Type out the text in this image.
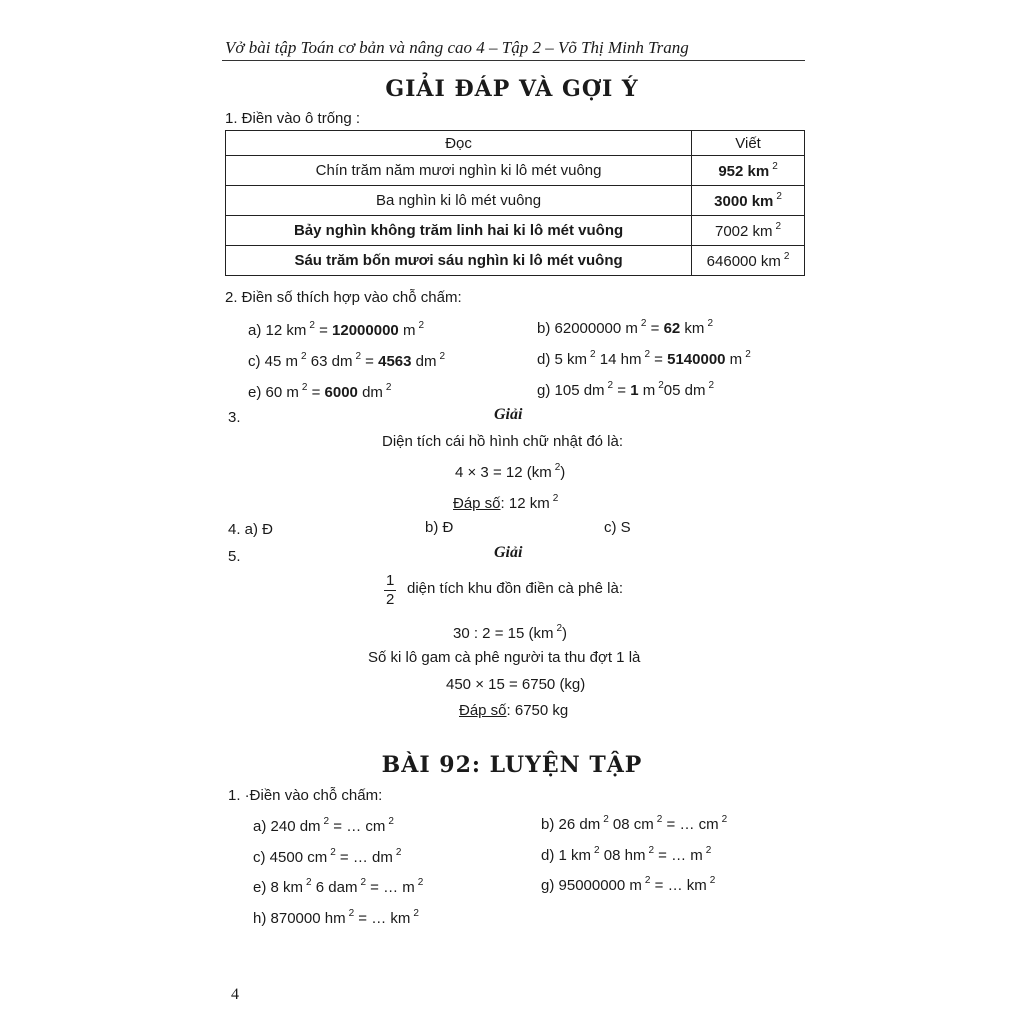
Vở bài tập Toán cơ bản và nâng cao 4 – Tập 2 – Võ Thị Minh Trang
GIẢI ĐÁP VÀ GỢI Ý
1. Điền vào ô trống :
Đọc	Viết
Chín trăm năm mươi nghìn ki lô mét vuông	952 km $^2$
Ba nghìn ki lô mét vuông	3000 km $^2$
Bảy nghìn không trăm linh hai ki lô mét vuông	7002 km $^2$
Sáu trăm bốn mươi sáu nghìn ki lô mét vuông	646000 km $^2$
2. Điền số thích hợp vào chỗ chấm:
a) 12 km $^2$ = 12000000 m $^2$	b) 62000000 m $^2$ = 62 km $^2$
c) 45 m $^2$ 63 dm $^2$ = 4563 dm $^2$	d) 5 km $^2$ 14 hm $^2$ = 5140000 m $^2$
e) 60 m $^2$ = 6000 dm $^2$	g) 105 dm $^2$ = 1 m $^2$05 dm $^2$
3.	Giải
Diện tích cái hồ hình chữ nhật đó là:
4 × 3 = 12 (km $^2$)
Đáp số: 12 km $^2$
4. a) Đ	b) Đ	c) S
5.	Giải
$\frac{1}{2}$ diện tích khu đồn điền cà phê là:
30 : 2 = 15 (km $^2$)
Số ki lô gam cà phê người ta thu đợt 1 là
450 × 15 = 6750 (kg)
Đáp số: 6750 kg
BÀI 92: LUYỆN TẬP
1. ·Điền vào chỗ chấm:
a) 240 dm $^2$ = … cm $^2$	b) 26 dm $^2$ 08 cm $^2$ = … cm $^2$
c) 4500 cm $^2$ = … dm $^2$	d) 1 km $^2$ 08 hm $^2$ = … m $^2$
e) 8 km $^2$ 6 dam $^2$ = … m $^2$	g) 95000000 m $^2$ = … km $^2$
h) 870000 hm $^2$ = … km $^2$
4
